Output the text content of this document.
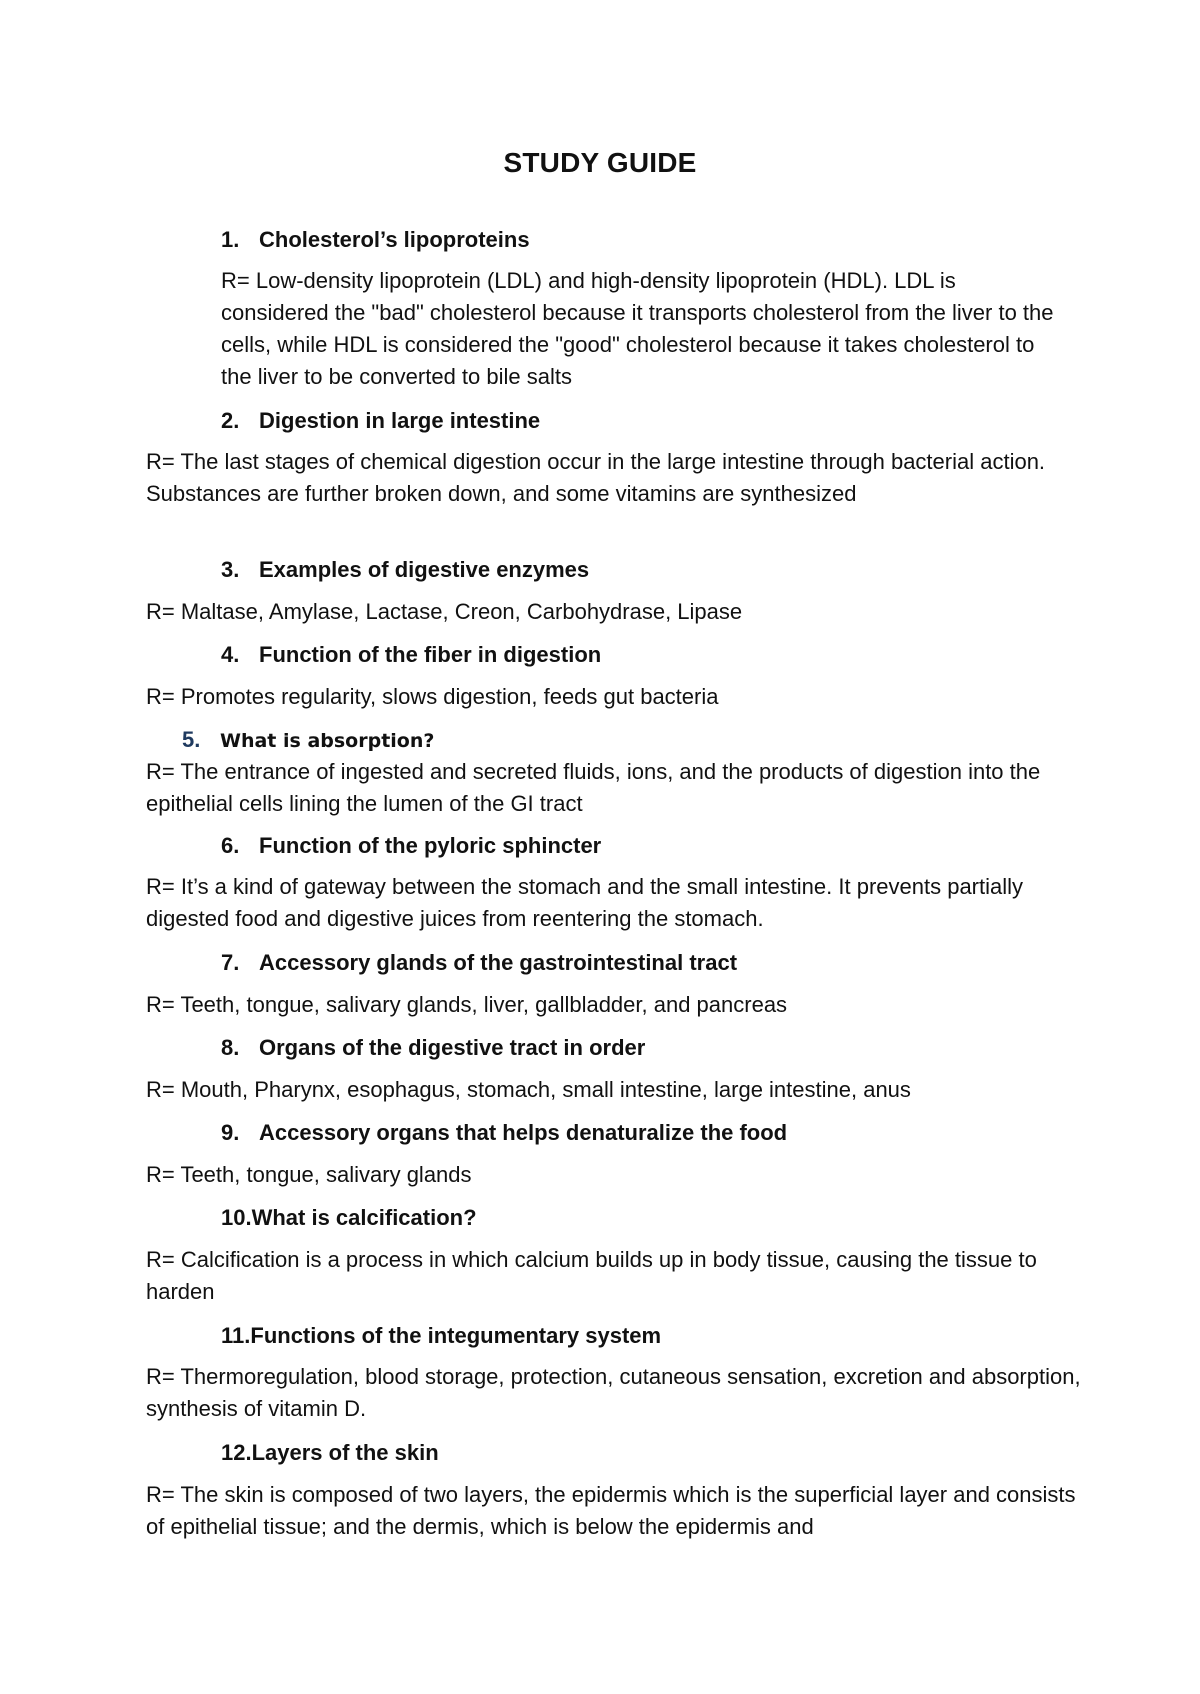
STUDY GUIDE
1. Cholesterol’s lipoproteins
R= Low-density lipoprotein (LDL) and high-density lipoprotein (HDL). LDL is considered the "bad" cholesterol because it transports cholesterol from the liver to the cells, while HDL is considered the "good" cholesterol because it takes cholesterol to the liver to be converted to bile salts
2. Digestion in large intestine
R= The last stages of chemical digestion occur in the large intestine through bacterial action. Substances are further broken down, and some vitamins are synthesized
3. Examples of digestive enzymes
R= Maltase, Amylase, Lactase, Creon, Carbohydrase, Lipase
4. Function of the fiber in digestion
R= Promotes regularity, slows digestion, feeds gut bacteria
5. What is absorption?
R= The entrance of ingested and secreted fluids, ions, and the products of digestion into the epithelial cells lining the lumen of the GI tract
6. Function of the pyloric sphincter
R= It’s a kind of gateway between the stomach and the small intestine. It prevents partially digested food and digestive juices from reentering the stomach.
7. Accessory glands of the gastrointestinal tract
R= Teeth, tongue, salivary glands, liver, gallbladder, and pancreas
8. Organs of the digestive tract in order
R= Mouth, Pharynx, esophagus, stomach, small intestine, large intestine, anus
9. Accessory organs that helps denaturalize the food
R= Teeth, tongue, salivary glands
10.What is calcification?
R= Calcification is a process in which calcium builds up in body tissue, causing the tissue to harden
11.Functions of the integumentary system
R= Thermoregulation, blood storage, protection, cutaneous sensation, excretion and absorption, synthesis of vitamin D.
12.Layers of the skin
R= The skin is composed of two layers, the epidermis which is the superficial layer and consists of epithelial tissue; and the dermis, which is below the epidermis and
